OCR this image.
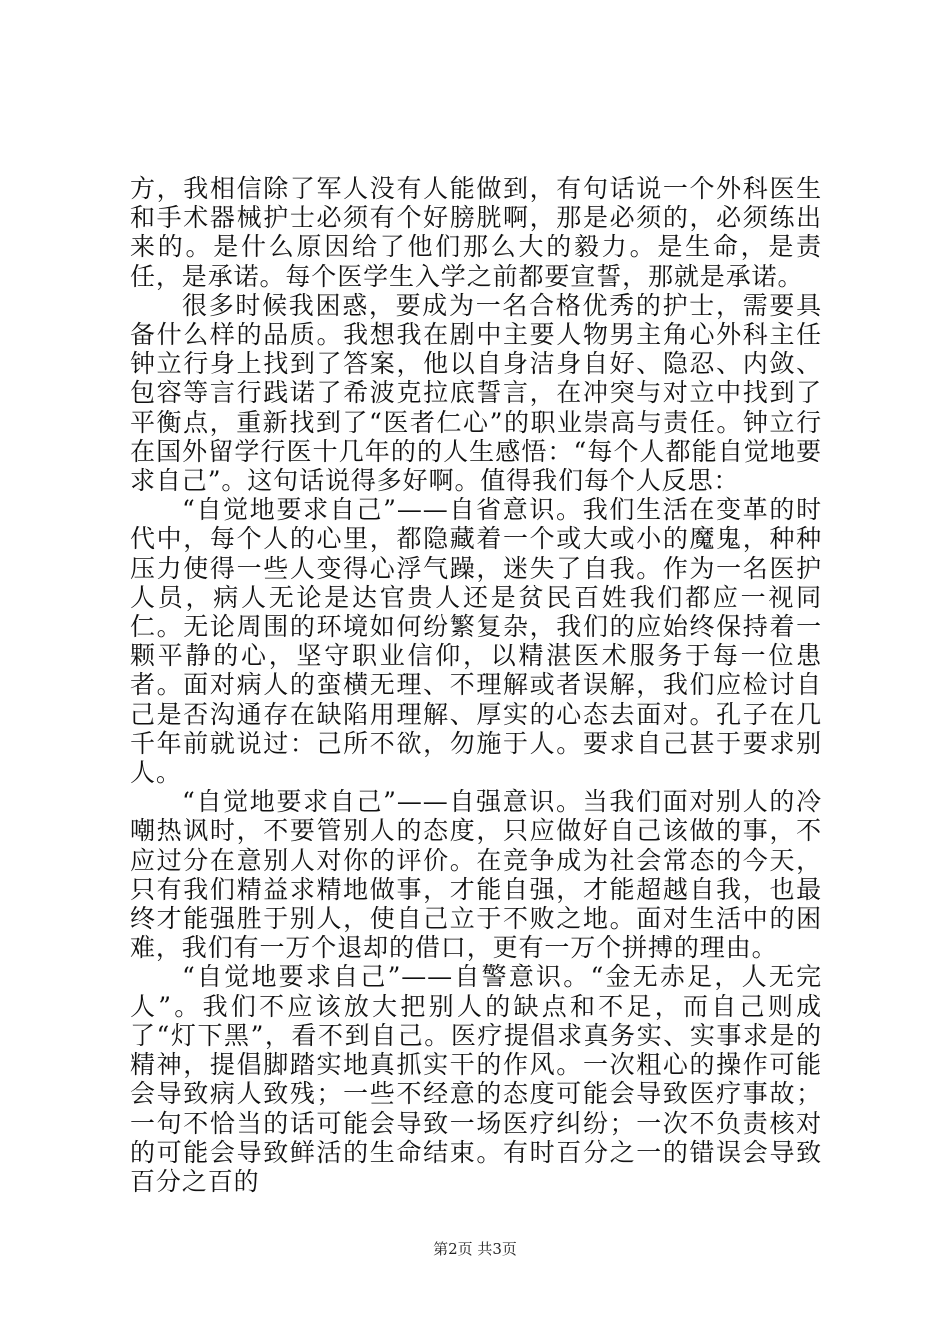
方，我相信除了军人没有人能做到，有句话说一个外科医生和手术器械护士必须有个好膀胱啊，那是必须的，必须练出来的。是什么原因给了他们那么大的毅力。是生命，是责任，是承诺。每个医学生入学之前都要宣誓，那就是承诺。

很多时候我困惑，要成为一名合格优秀的护士，需要具备什么样的品质。我想我在剧中主要人物男主角心外科主任钟立行身上找到了答案，他以自身洁身自好、隐忍、内敛、包容等言行践诺了希波克拉底誓言，在冲突与对立中找到了平衡点，重新找到了“医者仁心”的职业崇高与责任。钟立行在国外留学行医十几年的的人生感悟：“每个人都能自觉地要求自己”。这句话说得多好啊。值得我们每个人反思：

“自觉地要求自己”——自省意识。我们生活在变革的时代中，每个人的心里，都隐藏着一个或大或小的魔鬼，种种压力使得一些人变得心浮气躁，迷失了自我。作为一名医护人员，病人无论是达官贵人还是贫民百姓我们都应一视同仁。无论周围的环境如何纷繁复杂，我们的应始终保持着一颗平静的心，坚守职业信仰，以精湛医术服务于每一位患者。面对病人的蛮横无理、不理解或者误解，我们应检讨自己是否沟通存在缺陷用理解、厚实的心态去面对。孔子在几千年前就说过：己所不欲，勿施于人。要求自己甚于要求别人。

“自觉地要求自己”——自强意识。当我们面对别人的冷嘲热讽时，不要管别人的态度，只应做好自己该做的事，不应过分在意别人对你的评价。在竞争成为社会常态的今天，只有我们精益求精地做事，才能自强，才能超越自我，也最终才能强胜于别人，使自己立于不败之地。面对生活中的困难，我们有一万个退却的借口，更有一万个拼搏的理由。

“自觉地要求自己”——自警意识。“金无赤足，人无完人”。我们不应该放大把别人的缺点和不足，而自己则成了“灯下黑”，看不到自己。医疗提倡求真务实、实事求是的精神，提倡脚踏实地真抓实干的作风。一次粗心的操作可能会导致病人致残；一些不经意的态度可能会导致医疗事故；一句不恰当的话可能会导致一场医疗纠纷；一次不负责核对的可能会导致鲜活的生命结束。有时百分之一的错误会导致百分之百的

第2页 共3页
